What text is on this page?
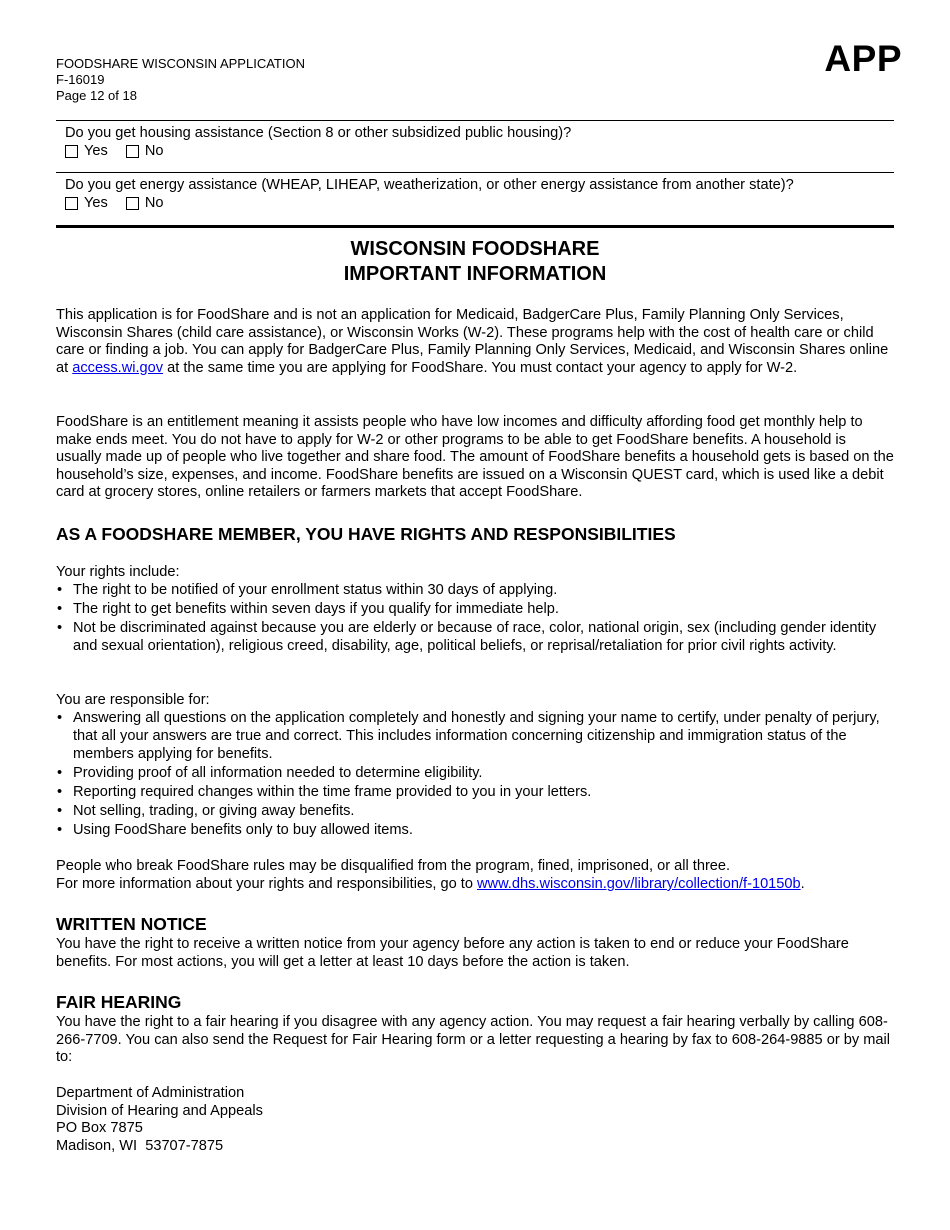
FOODSHARE WISCONSIN APPLICATION
F-16019
Page 12 of 18
APP
Do you get housing assistance (Section 8 or other subsidized public housing)?
Yes	No
Do you get energy assistance (WHEAP, LIHEAP, weatherization, or other energy assistance from another state)?
Yes	No
WISCONSIN FOODSHARE
IMPORTANT INFORMATION

This application is for FoodShare and is not an application for Medicaid, BadgerCare Plus, Family Planning Only Services, Wisconsin Shares (child care assistance), or Wisconsin Works (W-2). These programs help with the cost of health care or child care or finding a job. You can apply for BadgerCare Plus, Family Planning Only Services, Medicaid, and Wisconsin Shares online at access.wi.gov at the same time you are applying for FoodShare. You must contact your agency to apply for W-2.

FoodShare is an entitlement meaning it assists people who have low incomes and difficulty affording food get monthly help to make ends meet. You do not have to apply for W-2 or other programs to be able to get FoodShare benefits. A household is usually made up of people who live together and share food. The amount of FoodShare benefits a household gets is based on the household’s size, expenses, and income. FoodShare benefits are issued on a Wisconsin QUEST card, which is used like a debit card at grocery stores, online retailers or farmers markets that accept FoodShare.

AS A FOODSHARE MEMBER, YOU HAVE RIGHTS AND RESPONSIBILITIES

Your rights include:

• The right to be notified of your enrollment status within 30 days of applying.
• The right to get benefits within seven days if you qualify for immediate help.
• Not be discriminated against because you are elderly or because of race, color, national origin, sex (including gender identity and sexual orientation), religious creed, disability, age, political beliefs, or reprisal/retaliation for prior civil rights activity.

You are responsible for:

• Answering all questions on the application completely and honestly and signing your name to certify, under penalty of perjury, that all your answers are true and correct. This includes information concerning citizenship and immigration status of the members applying for benefits.
• Providing proof of all information needed to determine eligibility.
• Reporting required changes within the time frame provided to you in your letters.
• Not selling, trading, or giving away benefits.
• Using FoodShare benefits only to buy allowed items.

People who break FoodShare rules may be disqualified from the program, fined, imprisoned, or all three.

For more information about your rights and responsibilities, go to www.dhs.wisconsin.gov/library/collection/f-10150b.

WRITTEN NOTICE

You have the right to receive a written notice from your agency before any action is taken to end or reduce your FoodShare benefits. For most actions, you will get a letter at least 10 days before the action is taken.

FAIR HEARING

You have the right to a fair hearing if you disagree with any agency action. You may request a fair hearing verbally by calling 608-266-7709. You can also send the Request for Fair Hearing form or a letter requesting a hearing by fax to 608-264-9885 or by mail to:

Department of Administration
Division of Hearing and Appeals
PO Box 7875
Madison, WI  53707-7875
